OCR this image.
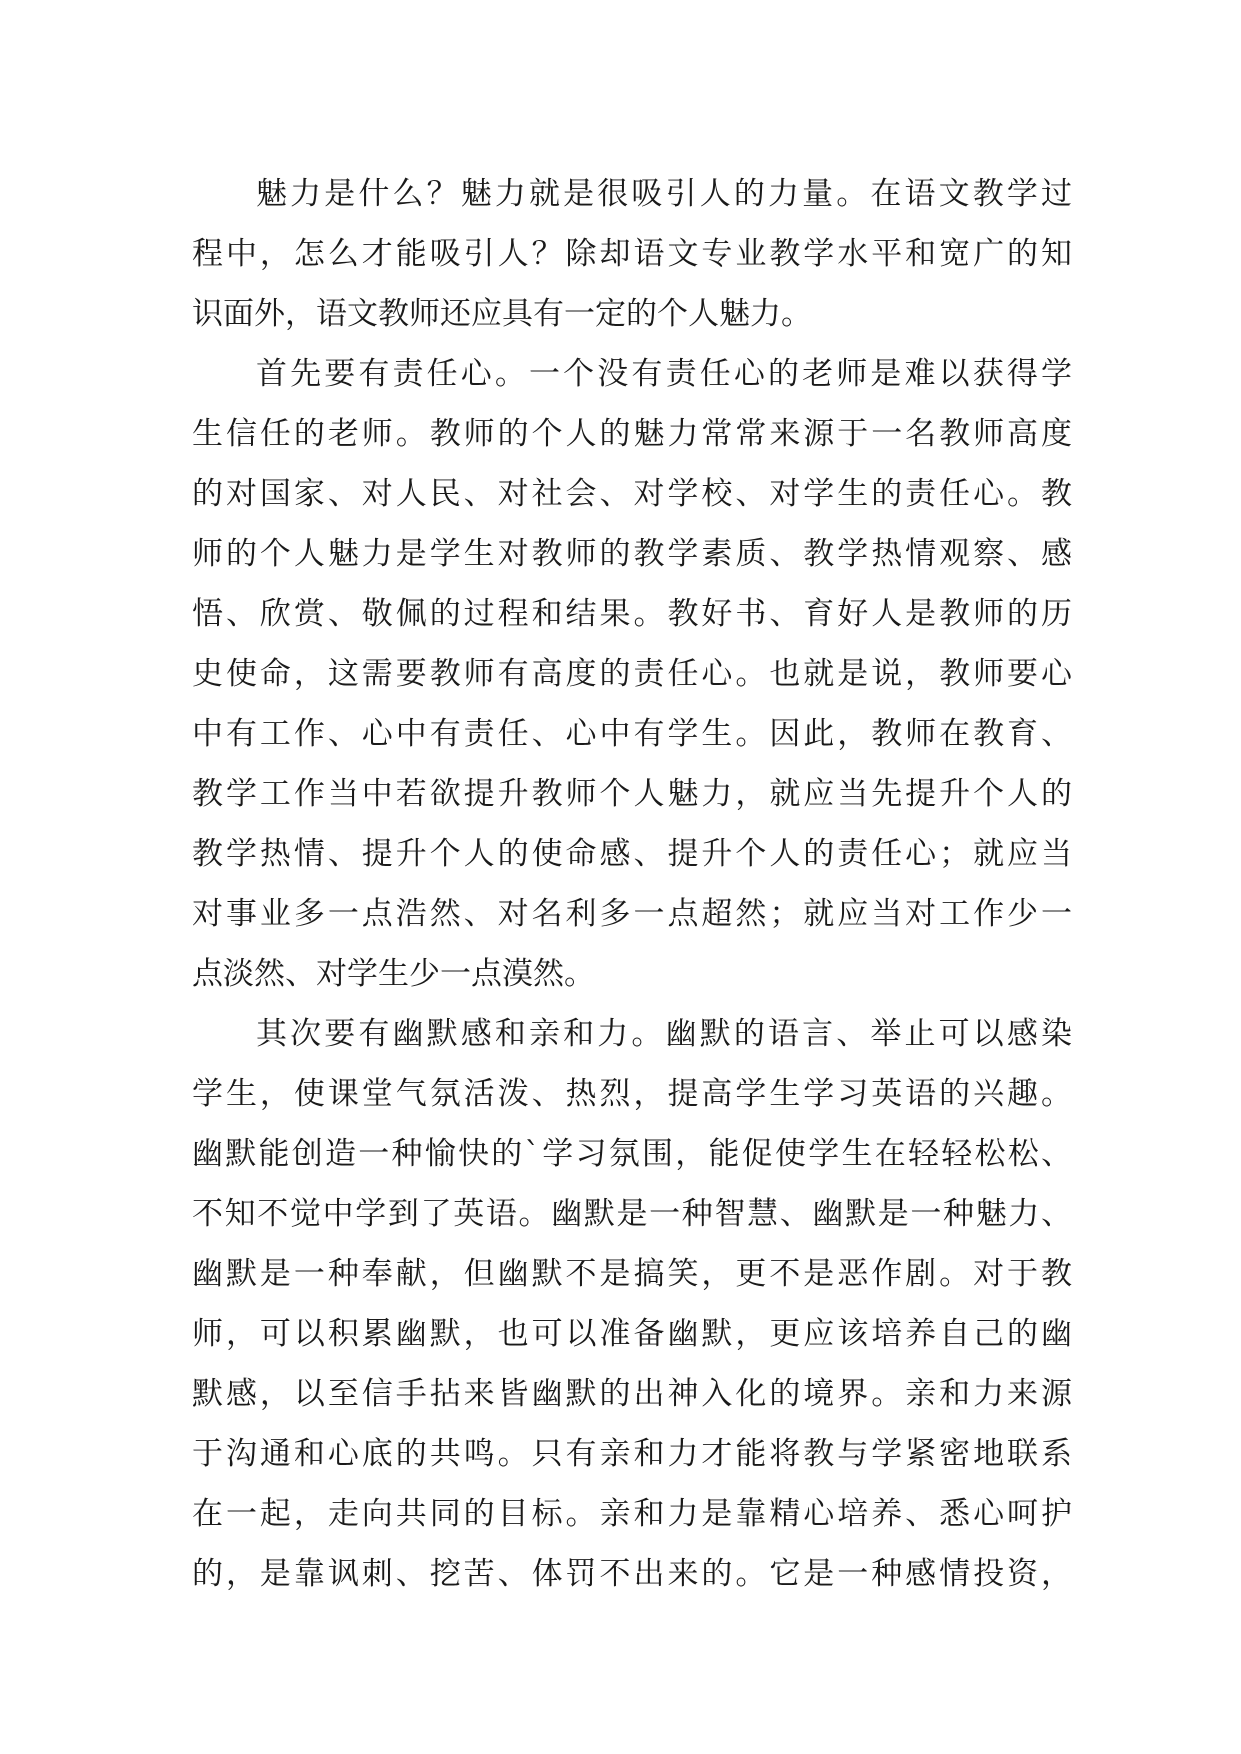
魅力是什么？魅力就是很吸引人的力量。在语文教学过
程中，怎么才能吸引人？除却语文专业教学水平和宽广的知
识面外，语文教师还应具有一定的个人魅力。

首先要有责任心。一个没有责任心的老师是难以获得学
生信任的老师。教师的个人的魅力常常来源于一名教师高度
的对国家、对人民、对社会、对学校、对学生的责任心。教
师的个人魅力是学生对教师的教学素质、教学热情观察、感
悟、欣赏、敬佩的过程和结果。教好书、育好人是教师的历
史使命，这需要教师有高度的责任心。也就是说，教师要心
中有工作、心中有责任、心中有学生。因此，教师在教育、
教学工作当中若欲提升教师个人魅力，就应当先提升个人的
教学热情、提升个人的使命感、提升个人的责任心；就应当
对事业多一点浩然、对名利多一点超然；就应当对工作少一
点淡然、对学生少一点漠然。

其次要有幽默感和亲和力。幽默的语言、举止可以感染
学生，使课堂气氛活泼、热烈，提高学生学习英语的兴趣。
幽默能创造一种愉快的`学习氛围，能促使学生在轻轻松松、
不知不觉中学到了英语。幽默是一种智慧、幽默是一种魅力、
幽默是一种奉献，但幽默不是搞笑，更不是恶作剧。对于教
师，可以积累幽默，也可以准备幽默，更应该培养自己的幽
默感，以至信手拈来皆幽默的出神入化的境界。亲和力来源
于沟通和心底的共鸣。只有亲和力才能将教与学紧密地联系
在一起，走向共同的目标。亲和力是靠精心培养、悉心呵护
的，是靠讽刺、挖苦、体罚不出来的。它是一种感情投资，
